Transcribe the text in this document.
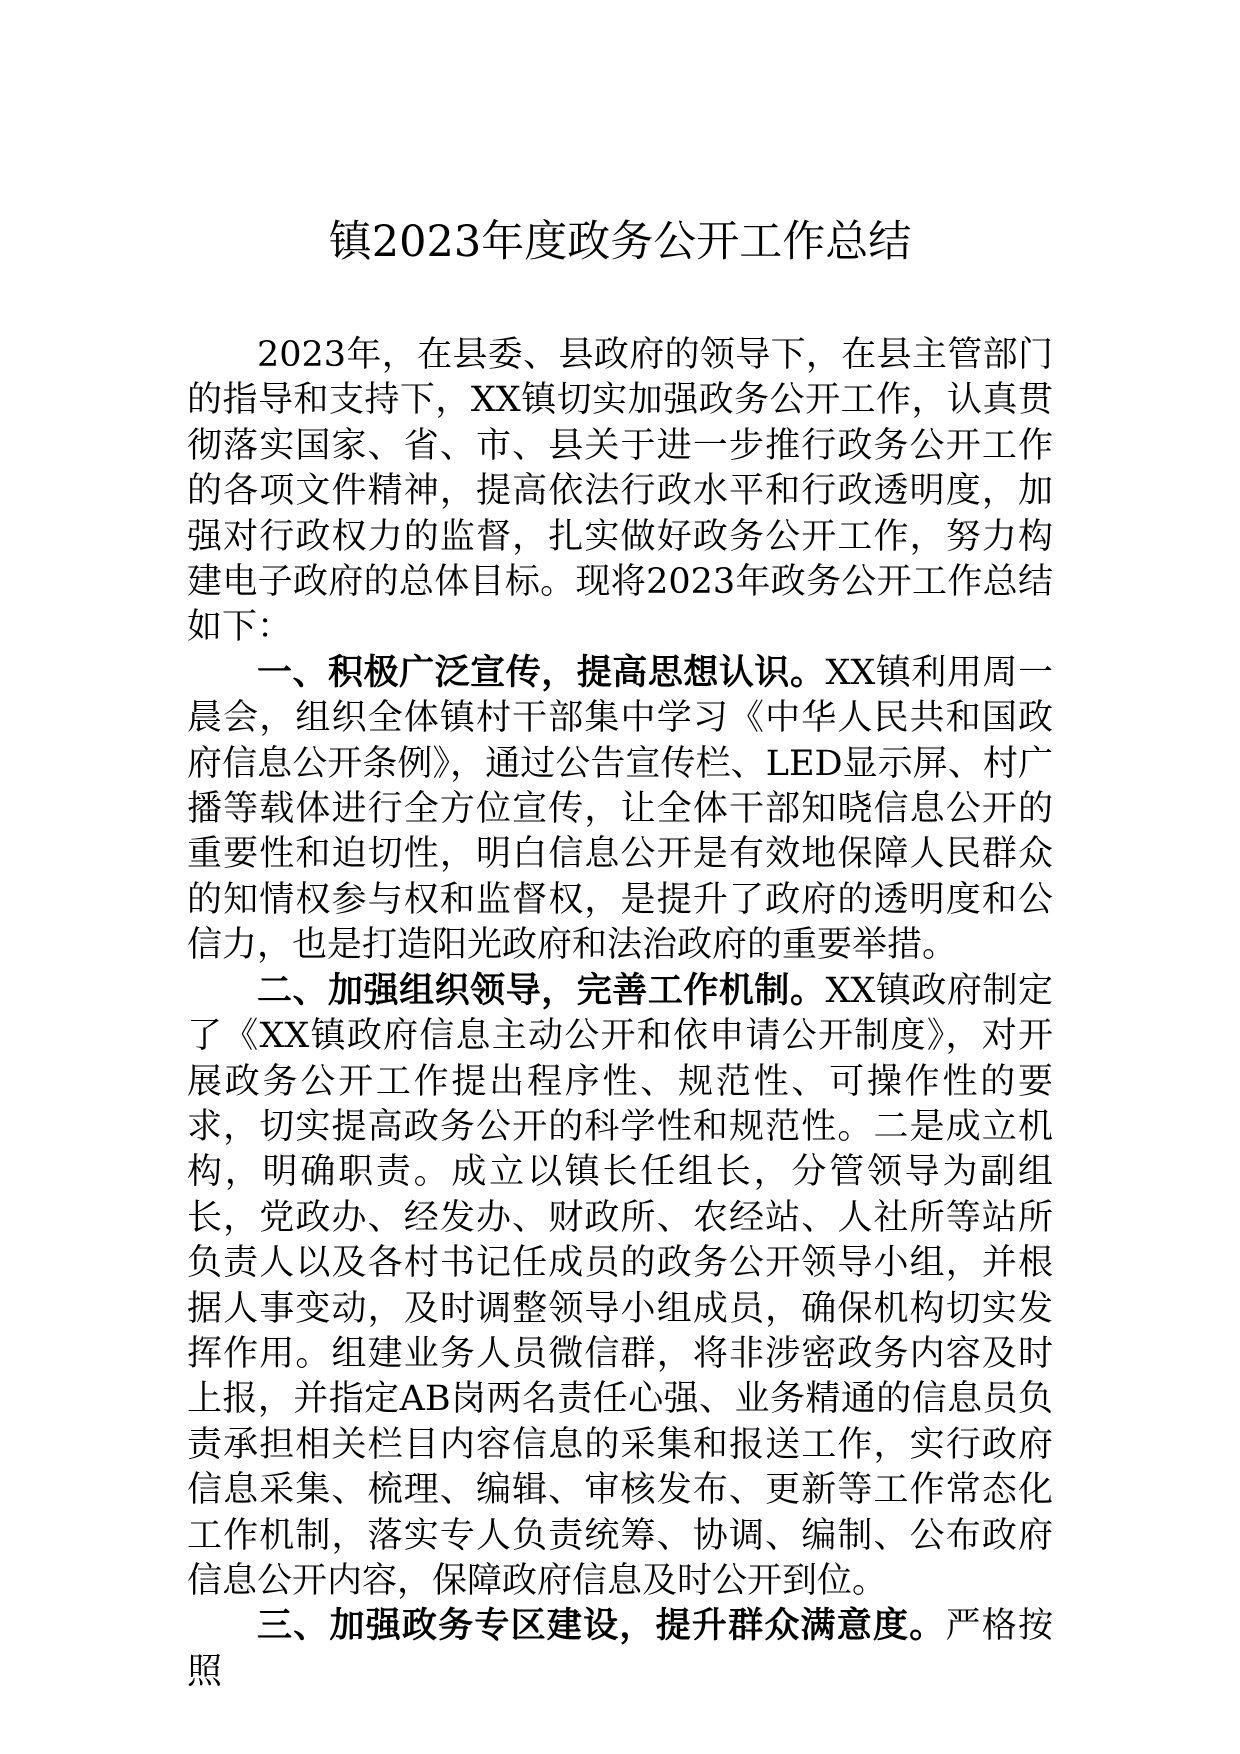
镇2023年度政务公开工作总结

2023年，在县委、县政府的领导下，在县主管部门的指导和支持下，XX镇切实加强政务公开工作，认真贯彻落实国家、省、市、县关于进一步推行政务公开工作的各项文件精神，提高依法行政水平和行政透明度，加强对行政权力的监督，扎实做好政务公开工作，努力构建电子政府的总体目标。现将2023年政务公开工作总结如下：

一、积极广泛宣传，提高思想认识。XX镇利用周一晨会，组织全体镇村干部集中学习《中华人民共和国政府信息公开条例》，通过公告宣传栏、LED显示屏、村广播等载体进行全方位宣传，让全体干部知晓信息公开的重要性和迫切性，明白信息公开是有效地保障人民群众的知情权参与权和监督权，是提升了政府的透明度和公信力，也是打造阳光政府和法治政府的重要举措。

二、加强组织领导，完善工作机制。XX镇政府制定了《XX镇政府信息主动公开和依申请公开制度》，对开展政务公开工作提出程序性、规范性、可操作性的要求，切实提高政务公开的科学性和规范性。二是成立机构，明确职责。成立以镇长任组长，分管领导为副组长，党政办、经发办、财政所、农经站、人社所等站所负责人以及各村书记任成员的政务公开领导小组，并根据人事变动，及时调整领导小组成员，确保机构切实发挥作用。组建业务人员微信群，将非涉密政务内容及时上报，并指定AB岗两名责任心强、业务精通的信息员负责承担相关栏目内容信息的采集和报送工作，实行政府信息采集、梳理、编辑、审核发布、更新等工作常态化工作机制，落实专人负责统筹、协调、编制、公布政府信息公开内容，保障政府信息及时公开到位。

三、加强政务专区建设，提升群众满意度。严格按照
